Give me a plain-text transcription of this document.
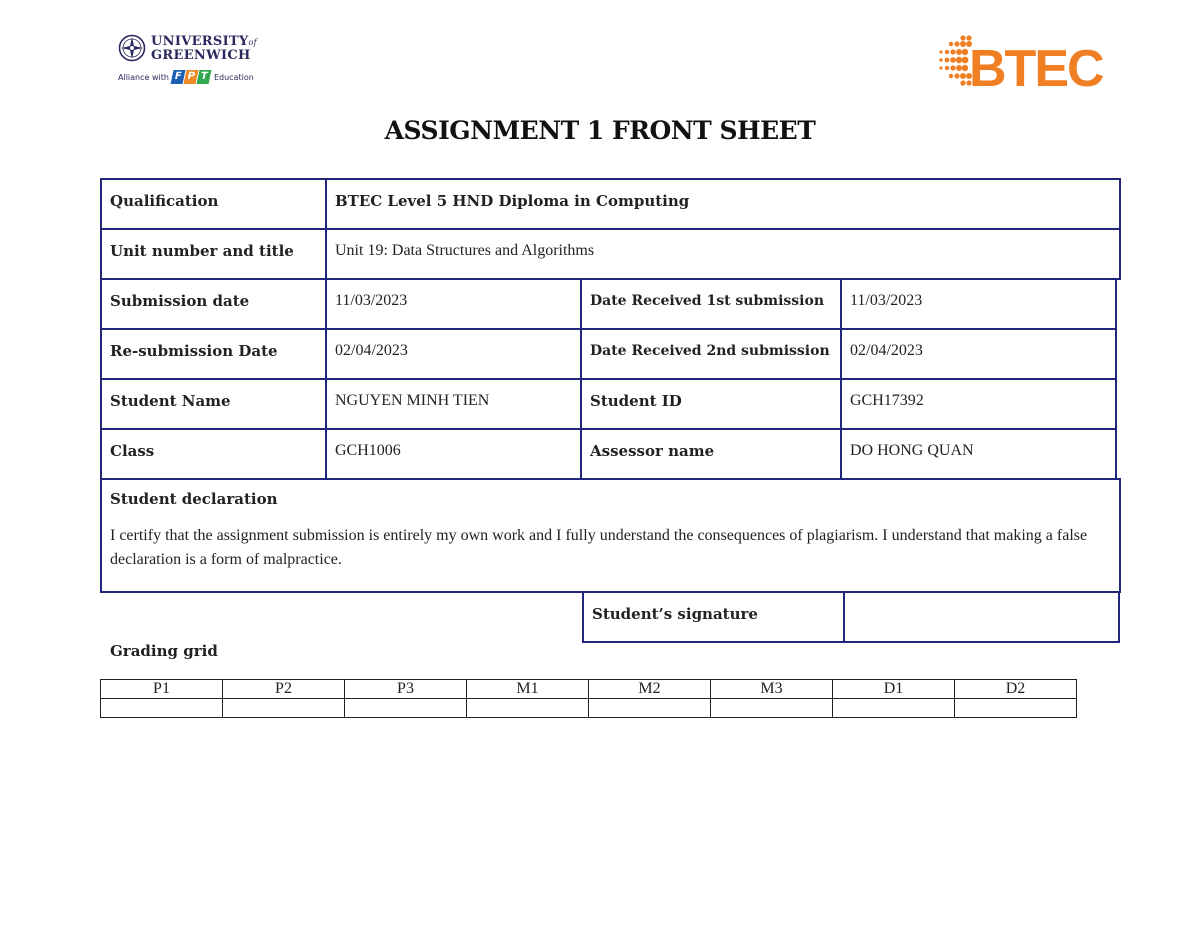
UNIVERSITYof
GREENWICH
Alliance with F P T Education	BTEC
ASSIGNMENT 1 FRONT SHEET
Qualification	BTEC Level 5 HND Diploma in Computing
Unit number and title	Unit 19: Data Structures and Algorithms
Submission date	11/03/2023	Date Received 1st submission	11/03/2023
Re-submission Date	02/04/2023	Date Received 2nd submission	02/04/2023
Student Name	NGUYEN MINH TIEN	Student ID	GCH17392
Class	GCH1006	Assessor name	DO HONG QUAN
Student declaration

I certify that the assignment submission is entirely my own work and I fully understand the consequences of plagiarism. I understand that making a false declaration is a form of malpractice.

Student’s signature
Grading grid
P1	P2	P3	M1	M2	M3	D1	D2
